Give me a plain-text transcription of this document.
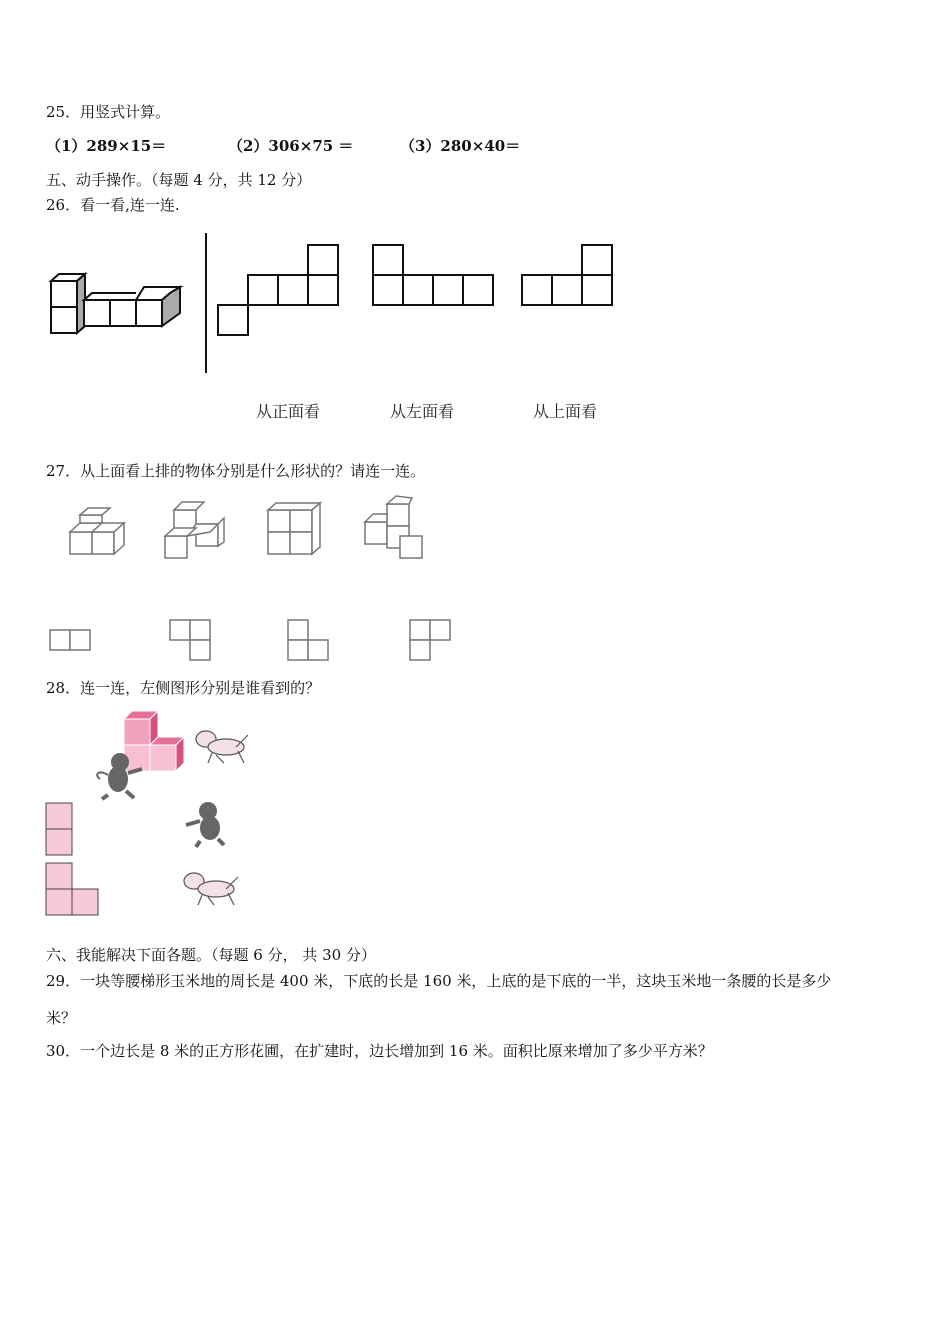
25．用竖式计算。
（1）289×15＝	（2）306×75 ＝	（3）280×40＝
五、动手操作。（每题 4 分，共 12 分）
26．看一看,连一连.
从正面看	从左面看	从上面看
27．从上面看上排的物体分别是什么形状的？请连一连。
28．连一连，左侧图形分别是谁看到的？
六、我能解决下面各题。（每题 6 分， 共 30 分）
29．一块等腰梯形玉米地的周长是 400 米，下底的长是 160 米，上底的是下底的一半，这块玉米地一条腰的长是多少
米？
30．一个边长是 8 米的正方形花圃，在扩建时，边长增加到 16 米。面积比原来增加了多少平方米？
